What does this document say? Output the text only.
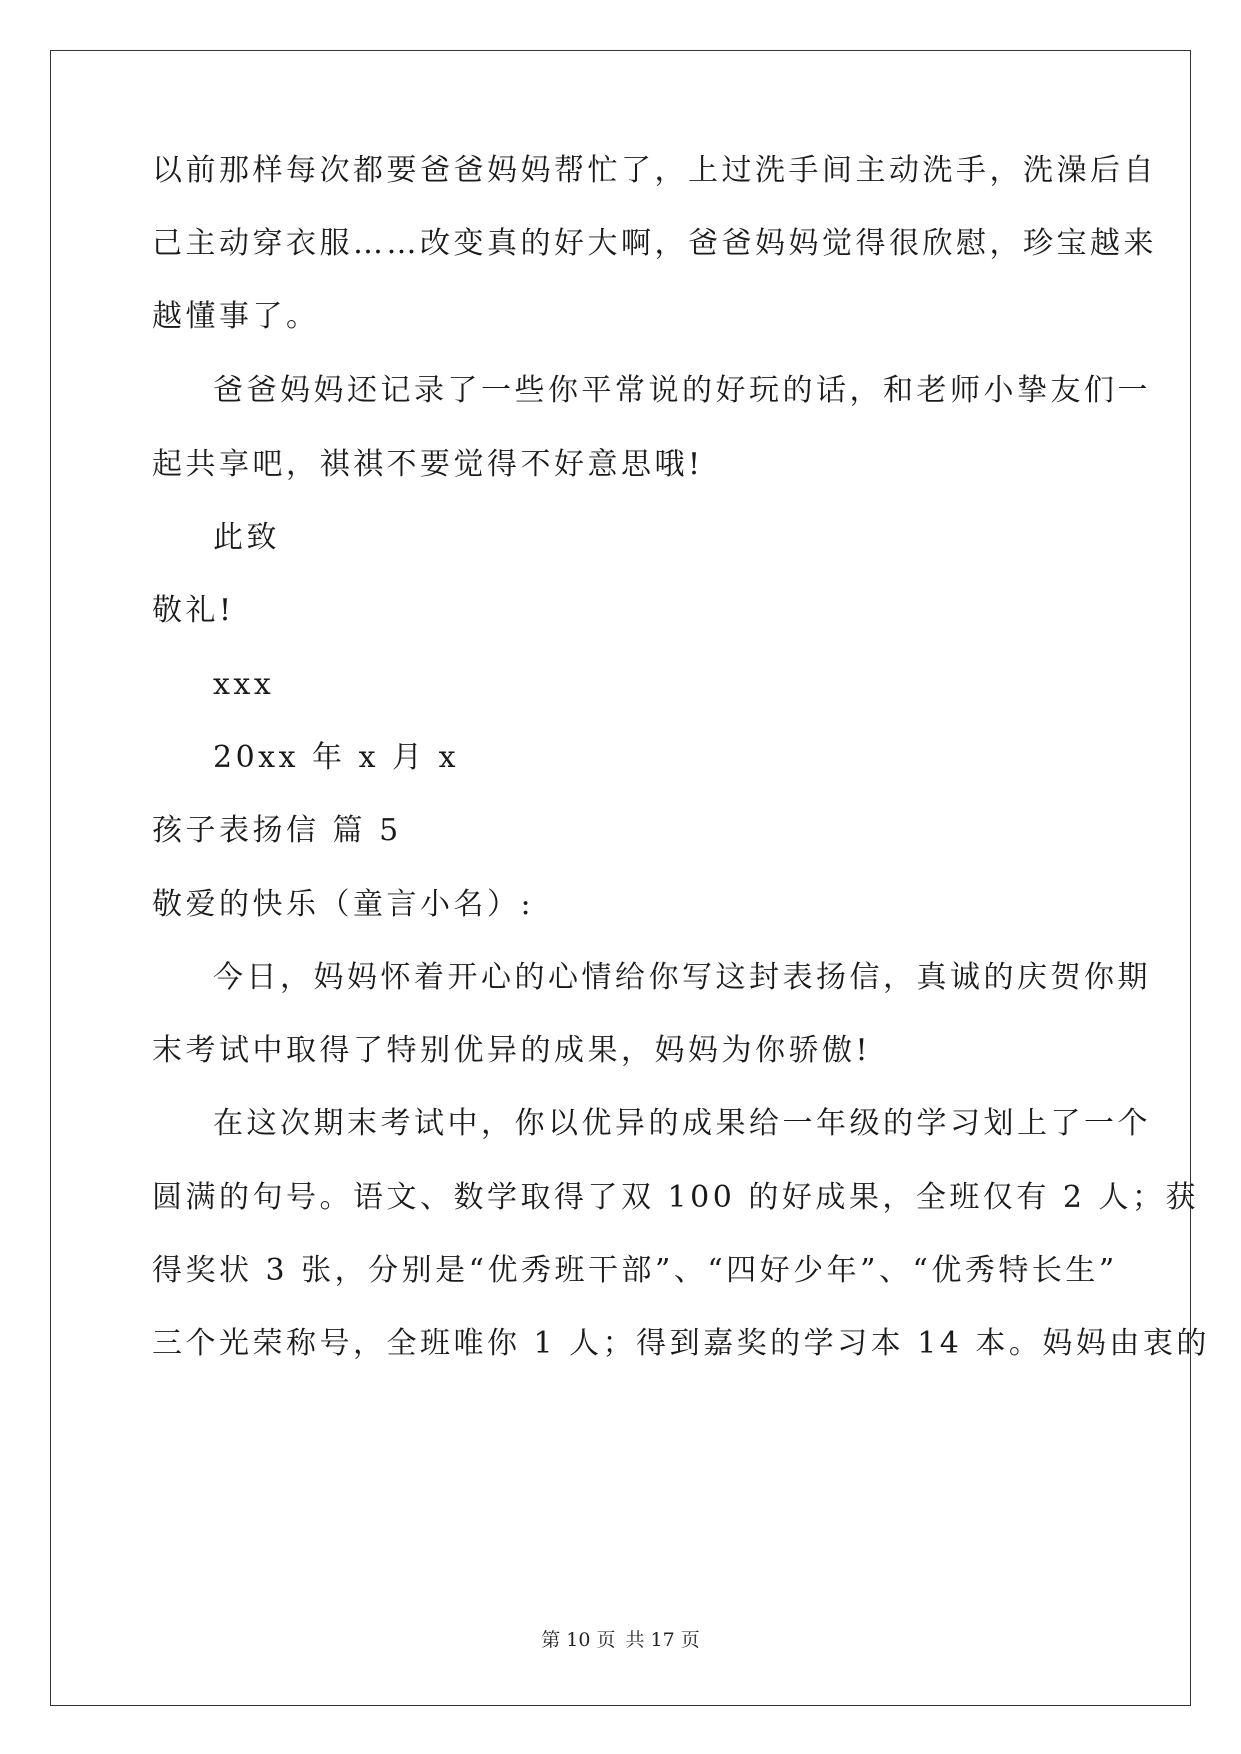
以前那样每次都要爸爸妈妈帮忙了，上过洗手间主动洗手，洗澡后自
己主动穿衣服……改变真的好大啊，爸爸妈妈觉得很欣慰，珍宝越来
越懂事了。
爸爸妈妈还记录了一些你平常说的好玩的话，和老师小挚友们一
起共享吧，祺祺不要觉得不好意思哦!
此致
敬礼!
xxx
20xx 年 x 月 x
孩子表扬信 篇 5
敬爱的快乐（童言小名）:
今日，妈妈怀着开心的心情给你写这封表扬信，真诚的庆贺你期
末考试中取得了特别优异的成果，妈妈为你骄傲!
在这次期末考试中，你以优异的成果给一年级的学习划上了一个
圆满的句号。语文、数学取得了双 100 的好成果，全班仅有 2 人；获
得奖状 3 张，分别是“优秀班干部”、“四好少年”、“优秀特长生”
三个光荣称号，全班唯你 1 人；得到嘉奖的学习本 14 本。妈妈由衷的
第 10 页 共 17 页
